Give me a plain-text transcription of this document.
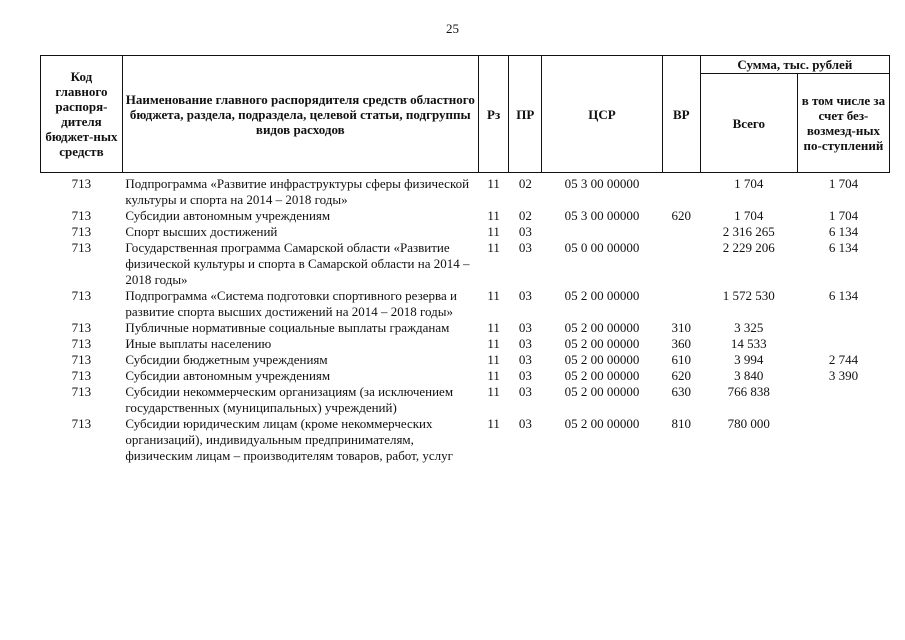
25
Код главного распоря-дителя бюджет-ных средств	Наименование главного распорядителя средств областного бюджета, раздела, подраздела, целевой статьи, подгруппы видов расходов	Рз	ПР	ЦСР	ВР	Сумма, тыс. рублей	
						Всего	в том числе за счет без-возмезд-ных по-ступлений

713	Подпрограмма «Развитие инфраструктуры сферы физической культуры и спорта на 2014 – 2018 годы»	11	02	05 3 00 00000		1 704	1 704
713	Субсидии автономным учреждениям	11	02	05 3 00 00000	620	1 704	1 704
713	Спорт высших достижений	11	03			2 316 265	6 134
713	Государственная программа Самарской области «Развитие физической культуры и спорта в Самарской области на 2014 – 2018 годы»	11	03	05 0 00 00000		2 229 206	6 134
713	Подпрограмма «Система подготовки спортивного резерва и развитие спорта высших достижений на 2014 – 2018 годы»	11	03	05 2 00 00000		1 572 530	6 134
713	Публичные нормативные социальные выплаты гражданам	11	03	05 2 00 00000	310	3 325	
713	Иные выплаты населению	11	03	05 2 00 00000	360	14 533	
713	Субсидии бюджетным учреждениям	11	03	05 2 00 00000	610	3 994	2 744
713	Субсидии автономным учреждениям	11	03	05 2 00 00000	620	3 840	3 390
713	Субсидии некоммерческим организациям (за исключением государственных (муниципальных) учреждений)	11	03	05 2 00 00000	630	766 838	
713	Субсидии юридическим лицам (кроме некоммерческих организаций), индивидуальным предпринимателям, физическим лицам – производителям товаров, работ, услуг	11	03	05 2 00 00000	810	780 000	
